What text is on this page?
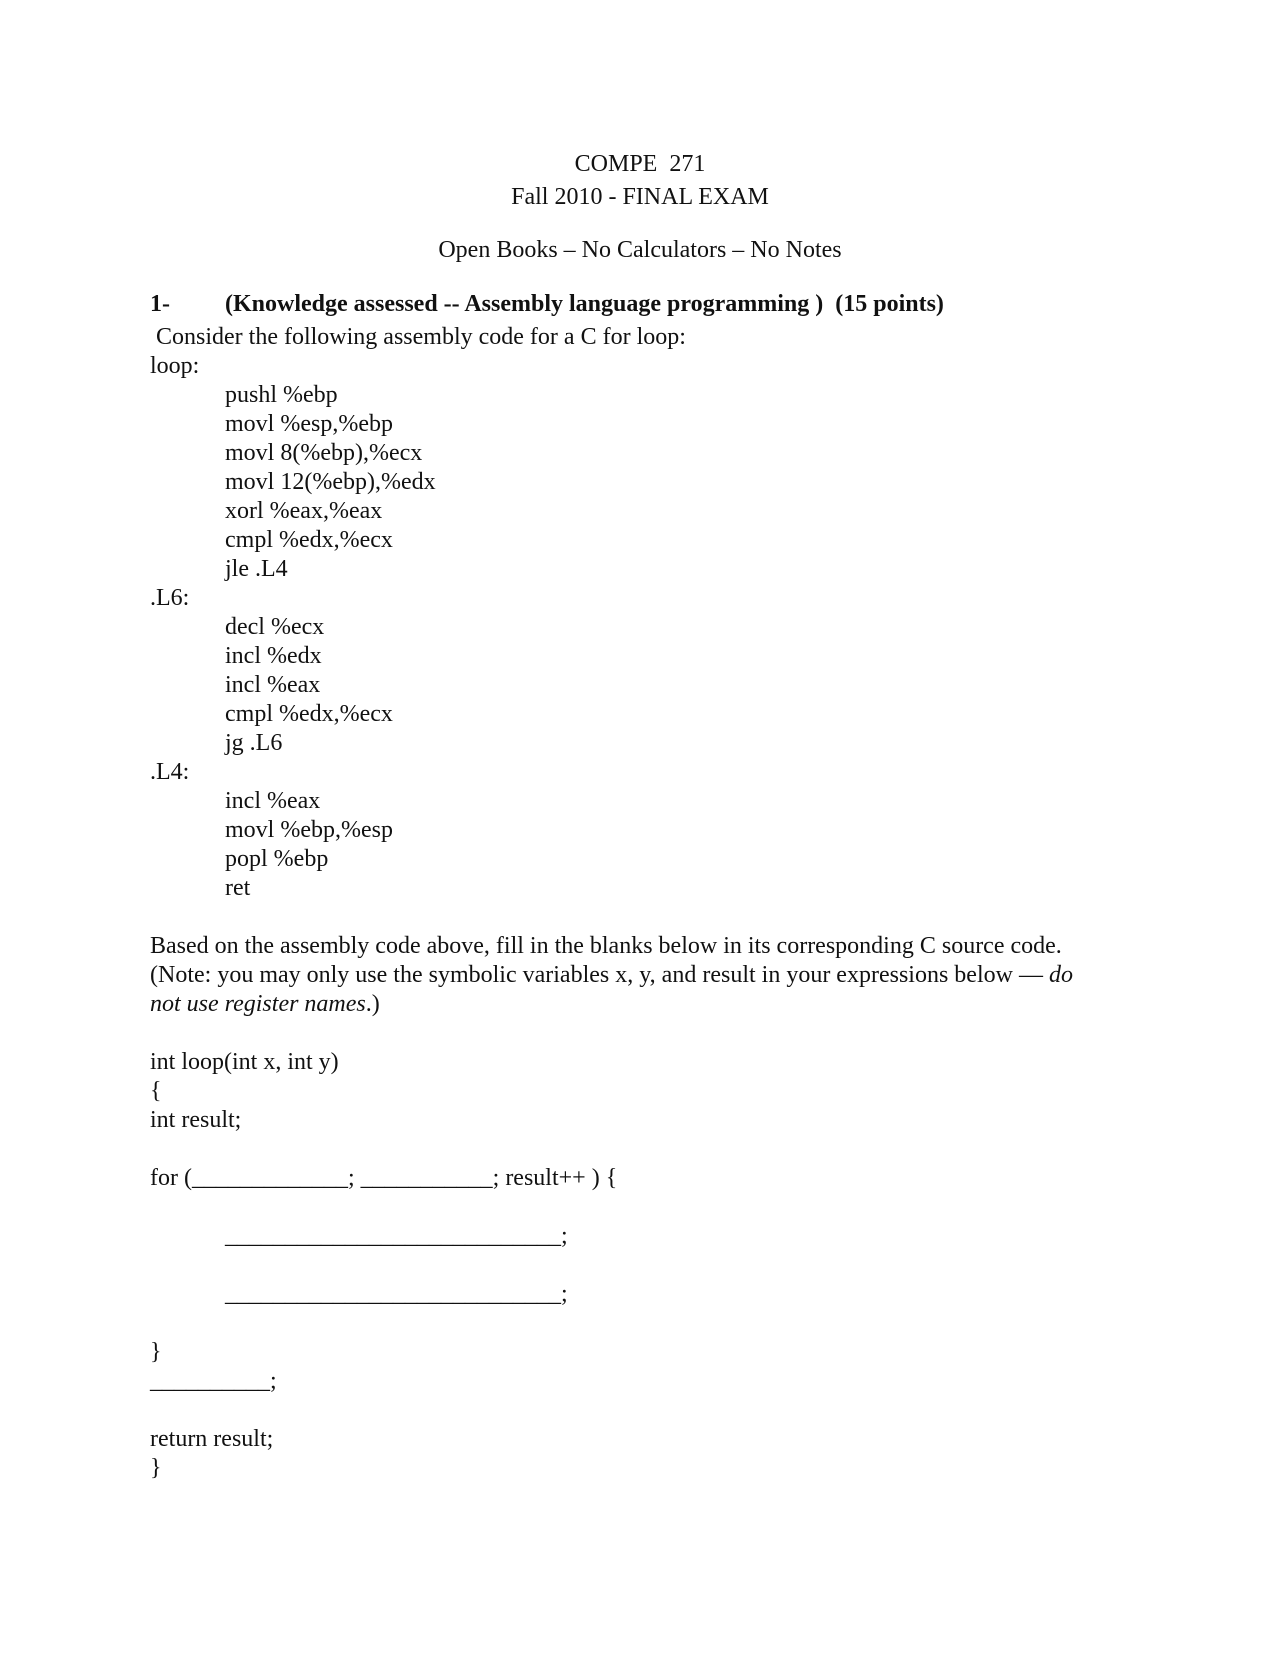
COMPE  271
Fall 2010 - FINAL EXAM
Open Books – No Calculators – No Notes
1- (Knowledge assessed -- Assembly language programming )  (15 points)
Consider the following assembly code for a C for loop:
loop:
pushl %ebp
movl %esp,%ebp
movl 8(%ebp),%ecx
movl 12(%ebp),%edx
xorl %eax,%eax
cmpl %edx,%ecx
jle .L4
.L6:
decl %ecx
incl %edx
incl %eax
cmpl %edx,%ecx
jg .L6
.L4:
incl %eax
movl %ebp,%esp
popl %ebp
ret
Based on the assembly code above, fill in the blanks below in its corresponding C source code.
(Note: you may only use the symbolic variables x, y, and result in your expressions below — do
not use register names.)
int loop(int x, int y)
{
int result;
for (_____________; ___________; result++ ) {
____________________________;
____________________________;
}
__________;
return result;
}
